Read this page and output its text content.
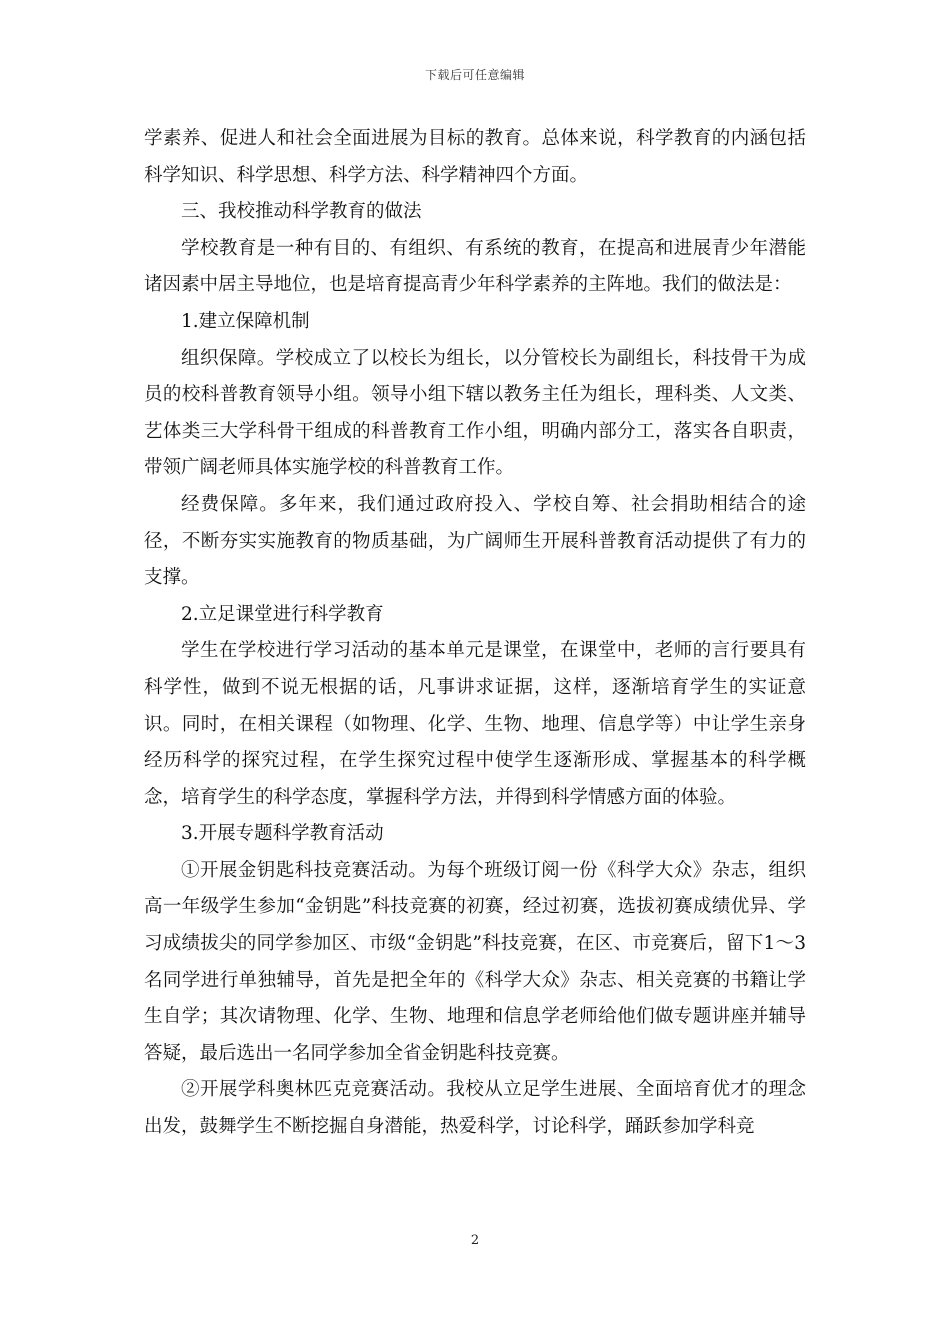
下载后可任意编辑

学素养、促进人和社会全面进展为目标的教育。总体来说，科学教育的内涵包括科学知识、科学思想、科学方法、科学精神四个方面。

三、我校推动科学教育的做法

学校教育是一种有目的、有组织、有系统的教育，在提高和进展青少年潜能诸因素中居主导地位，也是培育提高青少年科学素养的主阵地。我们的做法是：

1.建立保障机制

组织保障。学校成立了以校长为组长，以分管校长为副组长，科技骨干为成员的校科普教育领导小组。领导小组下辖以教务主任为组长，理科类、人文类、艺体类三大学科骨干组成的科普教育工作小组，明确内部分工，落实各自职责，带领广阔老师具体实施学校的科普教育工作。

经费保障。多年来，我们通过政府投入、学校自筹、社会捐助相结合的途径，不断夯实实施教育的物质基础，为广阔师生开展科普教育活动提供了有力的支撑。

2.立足课堂进行科学教育

学生在学校进行学习活动的基本单元是课堂，在课堂中，老师的言行要具有科学性，做到不说无根据的话，凡事讲求证据，这样，逐渐培育学生的实证意识。同时，在相关课程（如物理、化学、生物、地理、信息学等）中让学生亲身经历科学的探究过程，在学生探究过程中使学生逐渐形成、掌握基本的科学概念，培育学生的科学态度，掌握科学方法，并得到科学情感方面的体验。

3.开展专题科学教育活动

①开展金钥匙科技竞赛活动。为每个班级订阅一份《科学大众》杂志，组织高一年级学生参加“金钥匙”科技竞赛的初赛，经过初赛，选拔初赛成绩优异、学习成绩拔尖的同学参加区、市级“金钥匙”科技竞赛，在区、市竞赛后，留下1～3名同学进行单独辅导，首先是把全年的《科学大众》杂志、相关竞赛的书籍让学生自学；其次请物理、化学、生物、地理和信息学老师给他们做专题讲座并辅导答疑，最后选出一名同学参加全省金钥匙科技竞赛。

②开展学科奥林匹克竞赛活动。我校从立足学生进展、全面培育优才的理念出发，鼓舞学生不断挖掘自身潜能，热爱科学，讨论科学，踊跃参加学科竞

2
